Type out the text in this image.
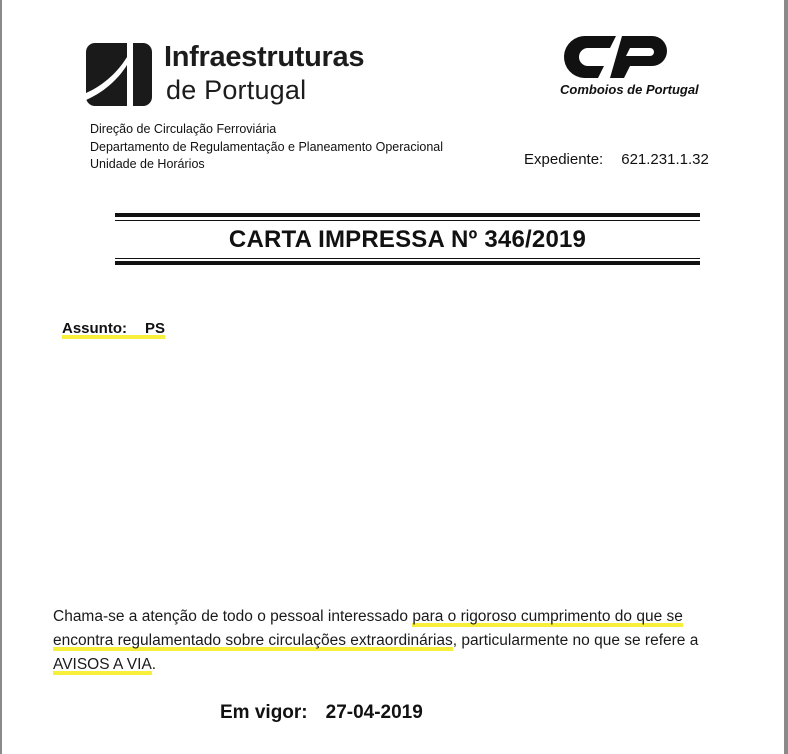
Infraestruturas
de Portugal	Comboios de Portugal
Direção de Circulação Ferroviária
Departamento de Regulamentação e Planeamento Operacional
Unidade de Horários	Expediente: 621.231.1.32
CARTA IMPRESSA Nº 346/2019
Assunto: PS
Chama-se a atenção de todo o pessoal interessado para o rigoroso cumprimento do que se encontra regulamentado sobre circulações extraordinárias, particularmente no que se refere a AVISOS A VIA.
Em vigor: 27-04-2019
